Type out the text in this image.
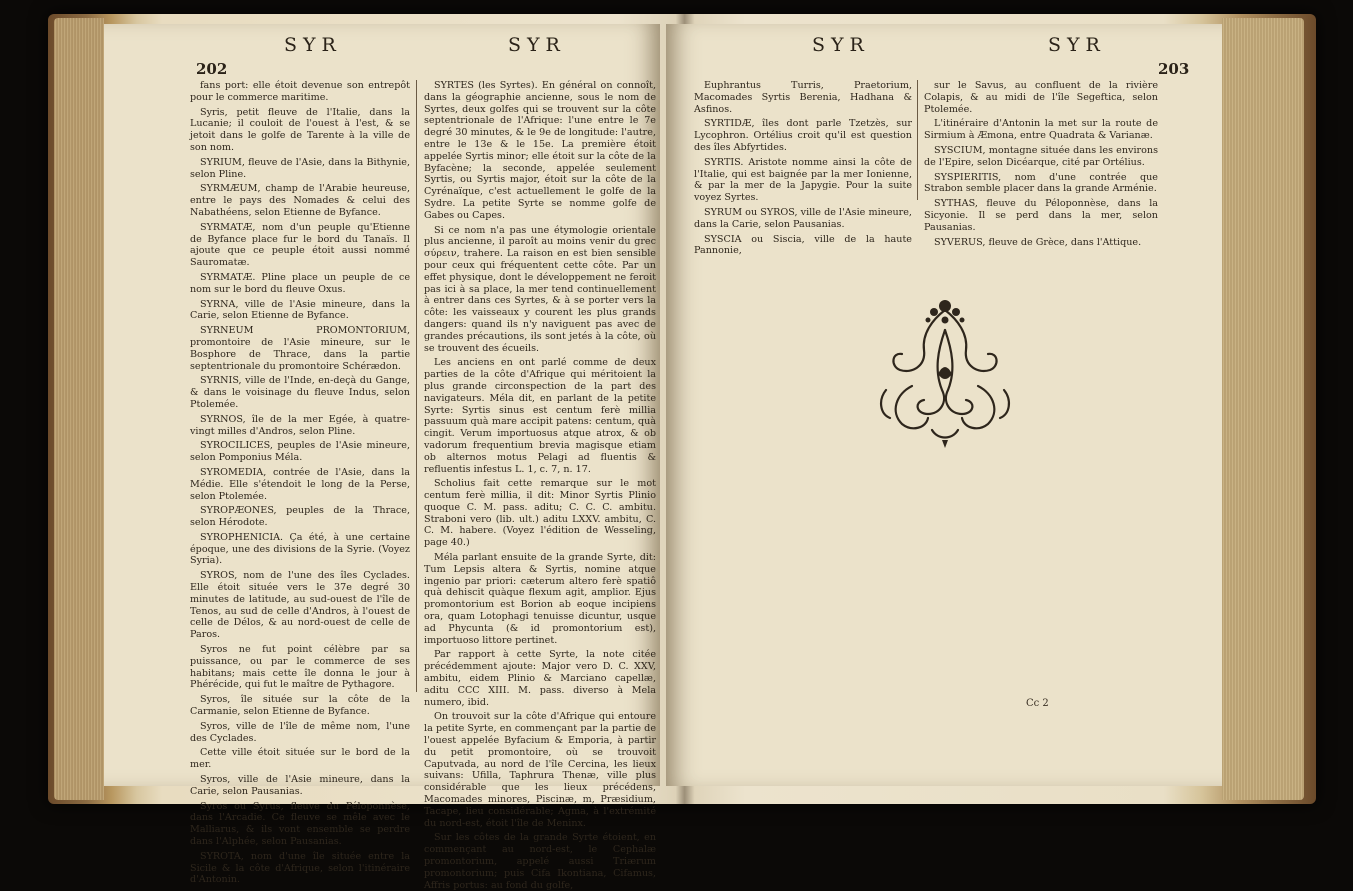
202
SYR	SYR

fans port: elle étoit devenue son entrepôt pour le commerce maritime.

Syris, petit fleuve de l'Italie, dans la Lucanie; il couloit de l'ouest à l'est, & se jetoit dans le golfe de Tarente à la ville de son nom.

SYRIUM, fleuve de l'Asie, dans la Bithynie, selon Pline.

SYRMÆUM, champ de l'Arabie heureuse, entre le pays des Nomades & celui des Nabathéens, selon Etienne de Byfance.

SYRMATÆ, nom d'un peuple qu'Etienne de Byfance place fur le bord du Tanaïs. Il ajoute que ce peuple étoit aussi nommé Sauromatæ.

SYRMATÆ. Pline place un peuple de ce nom sur le bord du fleuve Oxus.

SYRNA, ville de l'Asie mineure, dans la Carie, selon Etienne de Byfance.

SYRNEUM PROMONTORIUM, promontoire de l'Asie mineure, sur le Bosphore de Thrace, dans la partie septentrionale du promontoire Schérædon.

SYRNIS, ville de l'Inde, en-deçà du Gange, & dans le voisinage du fleuve Indus, selon Ptolemée.

SYRNOS, île de la mer Egée, à quatre-vingt milles d'Andros, selon Pline.

SYROCILICES, peuples de l'Asie mineure, selon Pomponius Méla.

SYROMEDIA, contrée de l'Asie, dans la Médie. Elle s'étendoit le long de la Perse, selon Ptolemée.

SYROPÆONES, peuples de la Thrace, selon Hérodote.

SYROPHENICIA. Ça été, à une certaine époque, une des divisions de la Syrie. (Voyez Syria).

SYROS, nom de l'une des îles Cyclades. Elle étoit située vers le 37e degré 30 minutes de latitude, au sud-ouest de l'île de Tenos, au sud de celle d'Andros, à l'ouest de celle de Délos, & au nord-ouest de celle de Paros.

Syros ne fut point célèbre par sa puissance, ou par le commerce de ses habitans; mais cette île donna le jour à Phérécide, qui fut le maître de Pythagore.

Syros, île située sur la côte de la Carmanie, selon Etienne de Byfance.

Syros, ville de l'île de même nom, l'une des Cyclades.

Cette ville étoit située sur le bord de la mer.

Syros, ville de l'Asie mineure, dans la Carie, selon Pausanias.

Syros ou Syrus, fleuve du Péloponnèse, dans l'Arcadie. Ce fleuve se mêle avec le Malliarus, & ils vont ensemble se perdre dans l'Alphée, selon Pausanias.

SYROTA, nom d'une île située entre la Sicile & la côte d'Afrique, selon l'itinéraire d'Antonin.

SYRTES (les Syrtes). En général on connoît, dans la géographie ancienne, sous le nom de Syrtes, deux golfes qui se trouvent sur la côte septentrionale de l'Afrique: l'une entre le 7e degré 30 minutes, & le 9e de longitude: l'autre, entre le 13e & le 15e. La première étoit appelée Syrtis minor; elle étoit sur la côte de la Byfacène; la seconde, appelée seulement Syrtis, ou Syrtis major, étoit sur la côte de la Cyrénaïque, c'est actuellement le golfe de la Sydre. La petite Syrte se nomme golfe de Gabes ou Capes.

Si ce nom n'a pas une étymologie orientale plus ancienne, il paroît au moins venir du grec σύρειν, trahere. La raison en est bien sensible pour ceux qui fréquentent cette côte. Par un effet physique, dont le développement ne feroit pas ici à sa place, la mer tend continuellement à entrer dans ces Syrtes, & à se porter vers la côte: les vaisseaux y courent les plus grands dangers: quand ils n'y naviguent pas avec de grandes précautions, ils sont jetés à la côte, où se trouvent des écueils.

Les anciens en ont parlé comme de deux parties de la côte d'Afrique qui méritoient la plus grande circonspection de la part des navigateurs. Méla dit, en parlant de la petite Syrte: Syrtis sinus est centum ferè millia passuum quà mare accipit patens: centum, quà cingit. Verum importuosus atque atrox, & ob vadorum frequentium brevia magisque etiam ob alternos motus Pelagi ad fluentis & refluentis infestus L. 1, c. 7, n. 17.

Scholius fait cette remarque sur le mot centum ferè millia, il dit: Minor Syrtis Plinio quoque C. M. pass. aditu; C. C. C. ambitu. Straboni vero (lib. ult.) aditu LXXV. ambitu, C. C. M. habere. (Voyez l'édition de Wesseling, page 40.)

Méla parlant ensuite de la grande Syrte, dit: Tum Lepsis altera & Syrtis, nomine atque ingenio par priori: cæterum altero ferè spatiô quà dehiscit quàque flexum agit, amplior. Ejus promontorium est Borion ab eoque incipiens ora, quam Lotophagi tenuisse dicuntur, usque ad Phycunta (& id promontorium est), importuoso littore pertinet.

Par rapport à cette Syrte, la note citée précédemment ajoute: Major vero D. C. XXV, ambitu, eidem Plinio & Marciano capellæ, aditu CCC XIII. M. pass. diverso à Mela numero, ibid.

On trouvoit sur la côte d'Afrique qui entoure la petite Syrte, en commençant par la partie de l'ouest appelée Byfacium & Emporia, à partir du petit promontoire, où se trouvoit Caputvada, au nord de l'île Cercina, les lieux suivans: Ufilla, Taphrura Thenæ, ville plus considérable que les lieux précédens, Macomades minores, Piscinæ, m, Præsidium, Tacape, lieu considérable; Agma, à l'extrémité du nord-est, étoit l'île de Meninx.

Sur les côtes de la grande Syrte étoient, en commençant au nord-est, le Cephalæ promontorium, appelé aussi Triærum promontorium; puis Cifa Ikontiana, Cifamus, Affris portus: au fond du golfe,

SYR	SYR
203

Euphrantus Turris, Praetorium, Macomades Syrtis Berenia, Hadhana & Asfinos.

SYRTIDÆ, îles dont parle Tzetzès, sur Lycophron. Ortélius croit qu'il est question des îles Abfyrtides.

SYRTIS. Aristote nomme ainsi la côte de l'Italie, qui est baignée par la mer Ionienne, & par la mer de la Japygie. Pour la suite voyez Syrtes.

SYRUM ou SYROS, ville de l'Asie mineure, dans la Carie, selon Pausanias.

SYSCIA ou Siscia, ville de la haute Pannonie,

sur le Savus, au confluent de la rivière Colapis, & au midi de l'île Segeftica, selon Ptolemée.

L'itinéraire d'Antonin la met sur la route de Sirmium à Æmona, entre Quadrata & Varianæ.

SYSCIUM, montagne située dans les environs de l'Epire, selon Dicéarque, cité par Ortélius.

SYSPIERITIS, nom d'une contrée que Strabon semble placer dans la grande Arménie.

SYTHAS, fleuve du Péloponnèse, dans la Sicyonie. Il se perd dans la mer, selon Pausanias.

SYVERUS, fleuve de Grèce, dans l'Attique.

Cc 2
